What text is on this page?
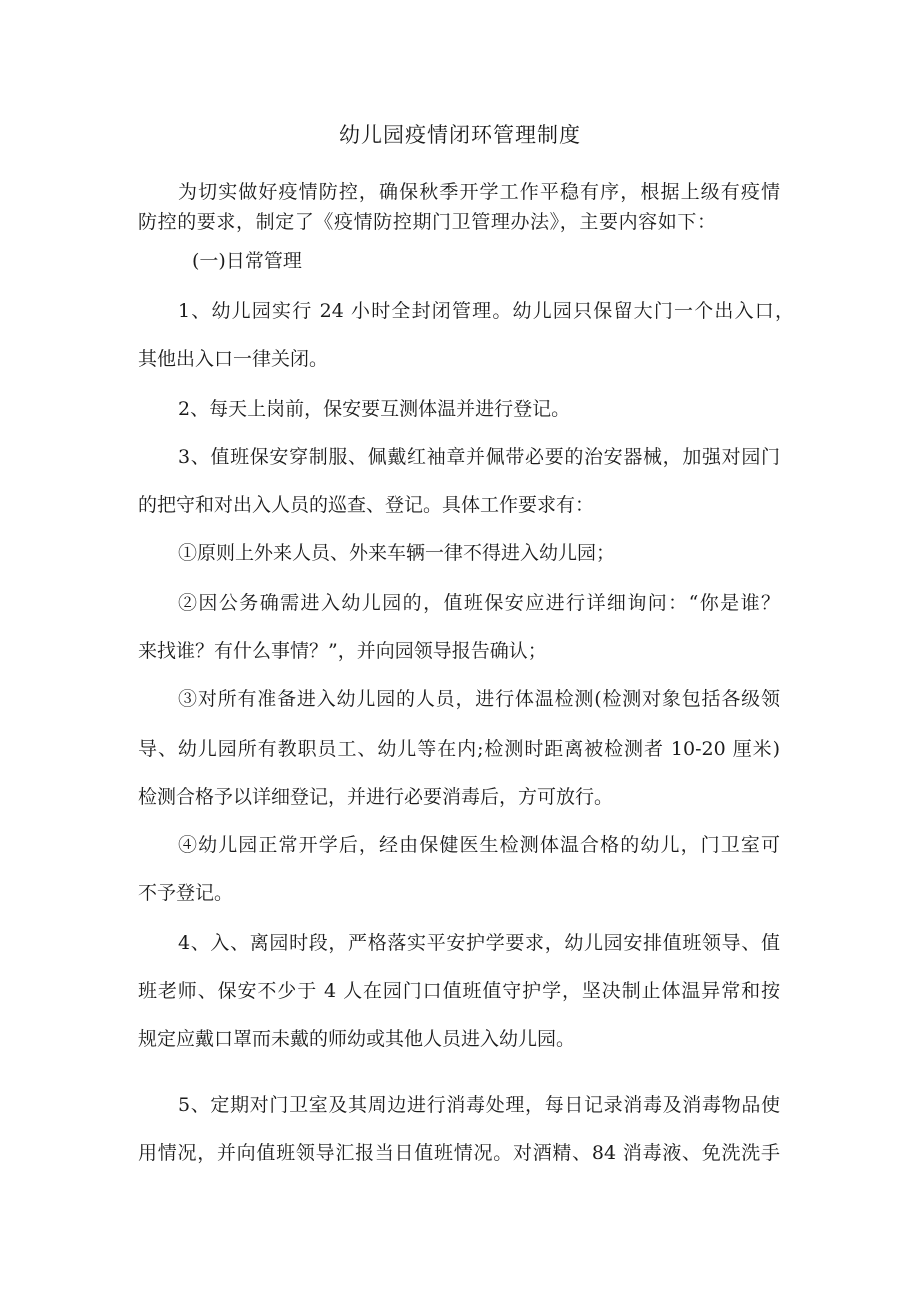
幼儿园疫情闭环管理制度
为切实做好疫情防控，确保秋季开学工作平稳有序，根据上级有疫情
防控的要求，制定了《疫情防控期门卫管理办法》，主要内容如下：
(一)日常管理
1、幼儿园实行 24 小时全封闭管理。幼儿园只保留大门一个出入口，
其他出入口一律关闭。
2、每天上岗前，保安要互测体温并进行登记。
3、值班保安穿制服、佩戴红袖章并佩带必要的治安器械，加强对园门
的把守和对出入人员的巡查、登记。具体工作要求有：
①原则上外来人员、外来车辆一律不得进入幼儿园；
②因公务确需进入幼儿园的，值班保安应进行详细询问：“你是谁？
来找谁？有什么事情？”，并向园领导报告确认；
③对所有准备进入幼儿园的人员，进行体温检测(检测对象包括各级领
导、幼儿园所有教职员工、幼儿等在内;检测时距离被检测者 10-20 厘米)
检测合格予以详细登记，并进行必要消毒后，方可放行。
④幼儿园正常开学后，经由保健医生检测体温合格的幼儿，门卫室可
不予登记。
4、入、离园时段，严格落实平安护学要求，幼儿园安排值班领导、值
班老师、保安不少于 4 人在园门口值班值守护学，坚决制止体温异常和按
规定应戴口罩而未戴的师幼或其他人员进入幼儿园。
5、定期对门卫室及其周边进行消毒处理，每日记录消毒及消毒物品使
用情况，并向值班领导汇报当日值班情况。对酒精、84 消毒液、免洗洗手
